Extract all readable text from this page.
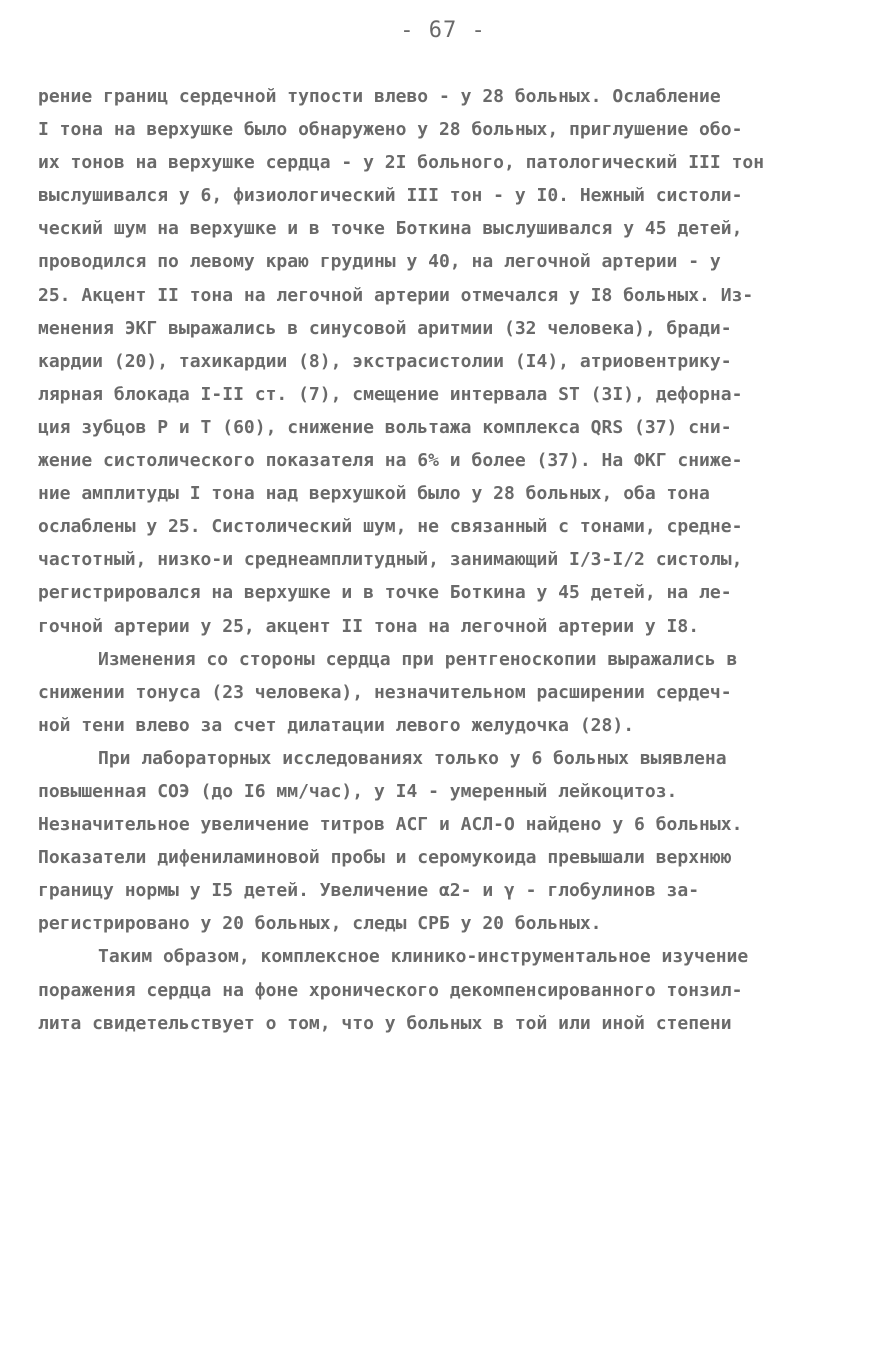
- 67 -
рение границ сердечной тупости влево - у 28 больных. Ослабление
I тона на верхушке было обнаружено у 28 больных, приглушение обо-
их тонов на верхушке сердца - у 2I больного, патологический III тон
выслушивался у 6, физиологический III тон - у I0. Нежный систоли-
ческий шум на верхушке и в точке Боткина выслушивался у 45 детей,
проводился по левому краю грудины у 40, на легочной артерии - у
25. Акцент II тона на легочной артерии отмечался у I8 больных. Из-
менения ЭКГ выражались в синусовой аритмии (32 человека), бради-
кардии (20), тахикардии (8), экстрасистолии (I4), атриовентрику-
лярная блокада I-II ст. (7), смещение интервала ST (3I), дефорна-
ция зубцов P и T (60), снижение вольтажа комплекса QRS (37) сни-
жение систолического показателя на 6% и более (37). На ФКГ сниже-
ние амплитуды I тона над верхушкой было у 28 больных, оба тона
ослаблены у 25. Систолический шум, не связанный с тонами, средне-
частотный, низко-и среднеамплитудный, занимающий I/3-I/2 систолы,
регистрировался на верхушке и в точке Боткина у 45 детей, на ле-
гочной артерии у 25, акцент II тона на легочной артерии у I8.
Изменения со стороны сердца при рентгеноскопии выражались в
снижении тонуса (23 человека), незначительном расширении сердеч-
ной тени влево за счет дилатации левого желудочка (28).
При лабораторных исследованиях только у 6 больных выявлена
повышенная СОЭ (до I6 мм/час), у I4 - умеренный лейкоцитоз.
Незначительное увеличение титров АСГ и АСЛ-О найдено у 6 больных.
Показатели дифениламиновой пробы и серомукоида превышали верхнюю
границу нормы у I5 детей. Увеличение α2- и γ - глобулинов за-
регистрировано у 20 больных, следы СРБ у 20 больных.
Таким образом, комплексное клинико-инструментальное изучение
поражения сердца на фоне хронического декомпенсированного тонзил-
лита свидетельствует о том, что у больных в той или иной степени
